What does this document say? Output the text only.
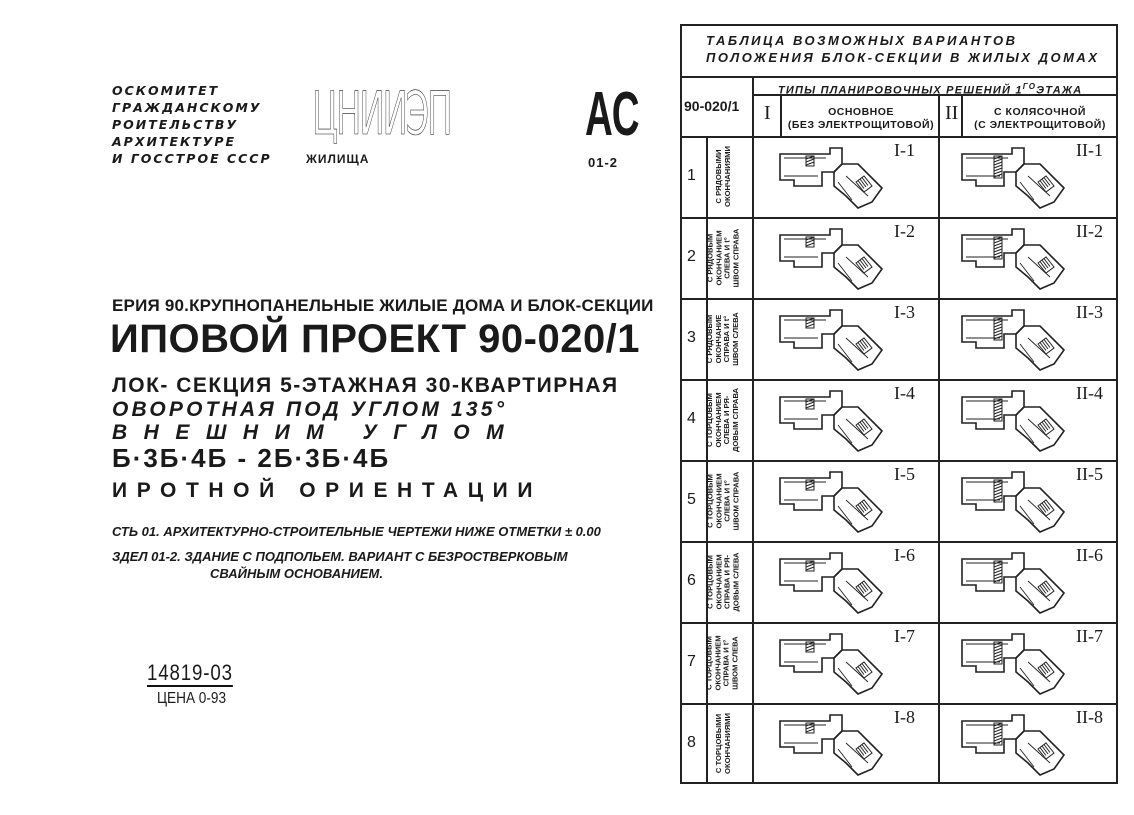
ОСКОМИТЕТ
ГРАЖДАНСКОМУ
РОИТЕЛЬСТВУ
АРХИТЕКТУРЕ
И ГОССТРОЕ СССР
ЦНИИЭП
ЖИЛИЩА
АС
01-2
ЕРИЯ 90.КРУПНОПАНЕЛЬНЫЕ ЖИЛЫЕ ДОМА И БЛОК-СЕКЦИИ
ИПОВОЙ ПРОЕКТ 90-020/1
ЛОК- СЕКЦИЯ 5-ЭТАЖНАЯ 30-КВАРТИРНАЯ
ОВОРОТНАЯ ПОД УГЛОМ 135°
ВНЕШНИМ УГЛОМ
Б·3Б·4Б - 2Б·3Б·4Б
ИРОТНОЙ ОРИЕНТАЦИИ
СТЬ 01. АРХИТЕКТУРНО-СТРОИТЕЛЬНЫЕ ЧЕРТЕЖИ НИЖЕ ОТМЕТКИ ± 0.00
ЗДЕЛ 01-2. ЗДАНИЕ С ПОДПОЛЬЕМ. ВАРИАНТ С БЕЗРОСТВЕРКОВЫМ
СВАЙНЫМ ОСНОВАНИЕМ.
14819-03
ЦЕНА 0-93
ТАБЛИЦА ВОЗМОЖНЫХ ВАРИАНТОВ
ПОЛОЖЕНИЯ БЛОК-СЕКЦИИ В ЖИЛЫХ ДОМАХ
ТИПЫ ПЛАНИРОВОЧНЫХ РЕШЕНИЙ $1^{ГО}ЭТАЖА$
90-020/1 I	ОСНОВНОЕ
(БЕЗ ЭЛЕКТРОЩИТОВОЙ)
II	С КОЛЯСОЧНОЙ
(С ЭЛЕКТРОЩИТОВОЙ)
1
С РЯДОВЫМИ
ОКОНЧАНИЯМИ	I-1	II-1
2
С РЯДОВЫМ
ОКОНЧАНИЕМ
СЛЕВА И t°
ШВОМ СПРАВА	I-2	II-2
3
С РЯДОВЫМ
ОКОНЧАНИЕ
СПРАВА И t°
ШВОМ СЛЕВА	I-3	II-3
4
С ТОРЦОВЫМ
ОКОНЧАНИЕМ
СЛЕВА И РЯ-
ДОВЫМ СПРАВА	I-4	II-4
5
С ТОРЦОВЫМ
ОКОНЧАНИЕМ
СЛЕВА И t°
ШВОМ СПРАВА	I-5	II-5
6
С ТОРЦОВЫМ
ОКОНЧАНИЕМ
СПРАВА И РЯ-
ДОВЫМ СЛЕВА	I-6	II-6
7
С ТОРЦОВЫМ
ОКОНЧАНИЕМ
СПРАВА И t°
ШВОМ СЛЕВА	I-7	II-7
8
С ТОРЦОВЫМИ
ОКОНЧАНИЯМИ	I-8	II-8
